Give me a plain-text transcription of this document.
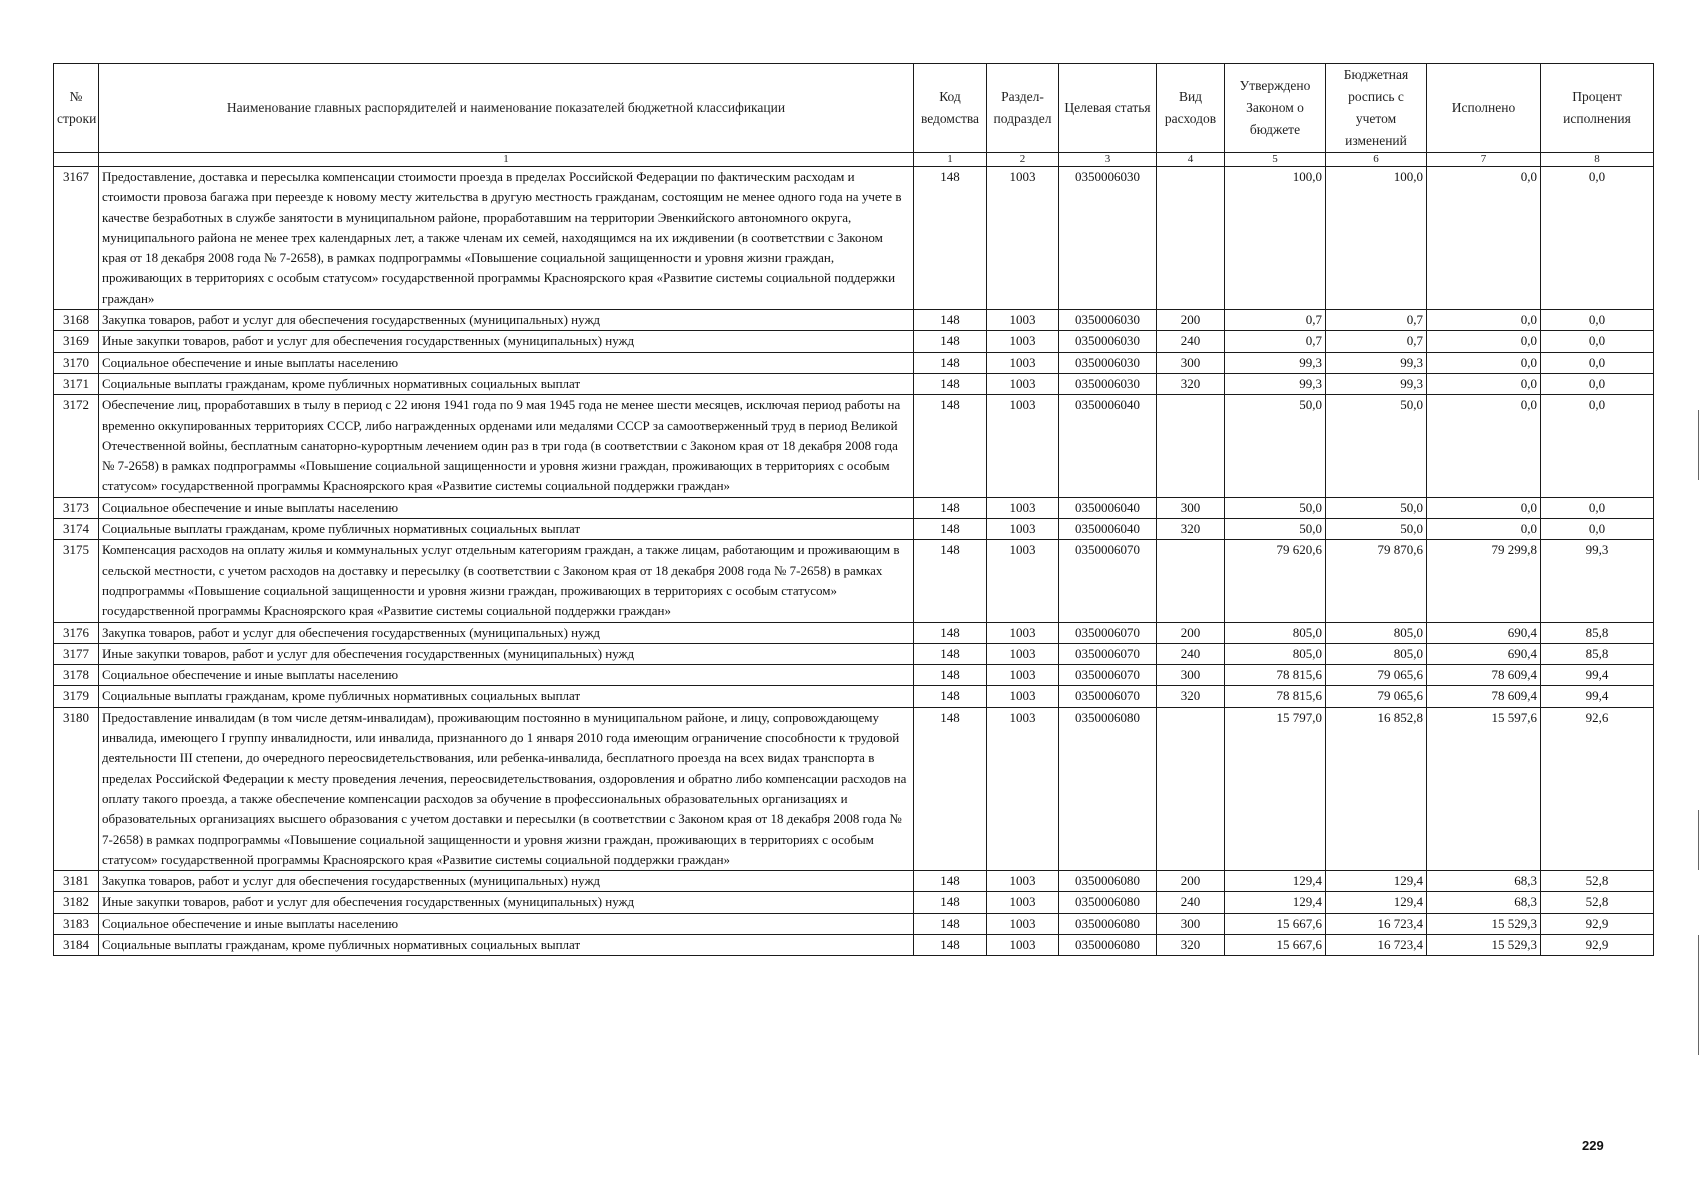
№ строки	Наименование главных распорядителей и наименование показателей бюджетной классификации	Код ведомства	Раздел-подраздел	Целевая статья	Вид расходов	Утверждено Законом о бюджете	Бюджетная роспись с учетом изменений	Исполнено	Процент исполнения
	1	1	2	3	4	5	6	7	8
3167	Предоставление, доставка и пересылка компенсации стоимости проезда в пределах Российской Федерации по фактическим расходам и стоимости провоза багажа при переезде к новому месту жительства в другую местность гражданам, состоящим не менее одного года на учете в качестве безработных в службе занятости в муниципальном районе, проработавшим на территории Эвенкийского автономного округа, муниципального района не менее трех календарных лет, а также членам их семей, находящимся на их иждивении (в соответствии с Законом края от 18 декабря 2008 года № 7-2658), в рамках подпрограммы «Повышение социальной защищенности и уровня жизни граждан, проживающих в территориях с особым статусом» государственной программы Красноярского края «Развитие системы социальной поддержки граждан»	148	1003	0350006030		100,0	100,0	0,0	0,0
3168	Закупка товаров, работ и услуг для обеспечения государственных (муниципальных) нужд	148	1003	0350006030	200	0,7	0,7	0,0	0,0
3169	Иные закупки товаров, работ и услуг для обеспечения государственных (муниципальных) нужд	148	1003	0350006030	240	0,7	0,7	0,0	0,0
3170	Социальное обеспечение и иные выплаты населению	148	1003	0350006030	300	99,3	99,3	0,0	0,0
3171	Социальные выплаты гражданам, кроме публичных нормативных социальных выплат	148	1003	0350006030	320	99,3	99,3	0,0	0,0
3172	Обеспечение лиц, проработавших в тылу в период с 22 июня 1941 года по 9 мая 1945 года не менее шести месяцев, исключая период работы на временно оккупированных территориях СССР, либо награжденных орденами или медалями СССР за самоотверженный труд в период Великой Отечественной войны, бесплатным санаторно-курортным лечением один раз в три года (в соответствии с Законом края от 18 декабря 2008 года № 7-2658) в рамках подпрограммы «Повышение социальной защищенности и уровня жизни граждан, проживающих в территориях с особым статусом» государственной программы Красноярского края «Развитие системы социальной поддержки граждан»	148	1003	0350006040		50,0	50,0	0,0	0,0
3173	Социальное обеспечение и иные выплаты населению	148	1003	0350006040	300	50,0	50,0	0,0	0,0
3174	Социальные выплаты гражданам, кроме публичных нормативных социальных выплат	148	1003	0350006040	320	50,0	50,0	0,0	0,0
3175	Компенсация расходов на оплату жилья и коммунальных услуг отдельным категориям граждан, а также лицам, работающим и проживающим в сельской местности, с учетом расходов на доставку и пересылку (в соответствии с Законом края от 18 декабря 2008 года № 7-2658) в рамках подпрограммы «Повышение социальной защищенности и уровня жизни граждан, проживающих в территориях с особым статусом» государственной программы Красноярского края «Развитие системы социальной поддержки граждан»	148	1003	0350006070		79 620,6	79 870,6	79 299,8	99,3
3176	Закупка товаров, работ и услуг для обеспечения государственных (муниципальных) нужд	148	1003	0350006070	200	805,0	805,0	690,4	85,8
3177	Иные закупки товаров, работ и услуг для обеспечения государственных (муниципальных) нужд	148	1003	0350006070	240	805,0	805,0	690,4	85,8
3178	Социальное обеспечение и иные выплаты населению	148	1003	0350006070	300	78 815,6	79 065,6	78 609,4	99,4
3179	Социальные выплаты гражданам, кроме публичных нормативных социальных выплат	148	1003	0350006070	320	78 815,6	79 065,6	78 609,4	99,4
3180	Предоставление инвалидам (в том числе детям-инвалидам), проживающим постоянно в муниципальном районе, и лицу, сопровождающему инвалида, имеющего I группу инвалидности, или инвалида, признанного до 1 января 2010 года имеющим ограничение способности к трудовой деятельности III степени, до очередного переосвидетельствования, или ребенка-инвалида, бесплатного проезда на всех видах транспорта в пределах Российской Федерации к месту проведения лечения, переосвидетельствования, оздоровления и обратно либо компенсации расходов на оплату такого проезда, а также обеспечение компенсации расходов за обучение в профессиональных образовательных организациях и образовательных организациях высшего образования с учетом доставки и пересылки (в соответствии с Законом края от 18 декабря 2008 года № 7-2658) в рамках подпрограммы «Повышение социальной защищенности и уровня жизни граждан, проживающих в территориях с особым статусом» государственной программы Красноярского края «Развитие системы социальной поддержки граждан»	148	1003	0350006080		15 797,0	16 852,8	15 597,6	92,6
3181	Закупка товаров, работ и услуг для обеспечения государственных (муниципальных) нужд	148	1003	0350006080	200	129,4	129,4	68,3	52,8
3182	Иные закупки товаров, работ и услуг для обеспечения государственных (муниципальных) нужд	148	1003	0350006080	240	129,4	129,4	68,3	52,8
3183	Социальное обеспечение и иные выплаты населению	148	1003	0350006080	300	15 667,6	16 723,4	15 529,3	92,9
3184	Социальные выплаты гражданам, кроме публичных нормативных социальных выплат	148	1003	0350006080	320	15 667,6	16 723,4	15 529,3	92,9
229
